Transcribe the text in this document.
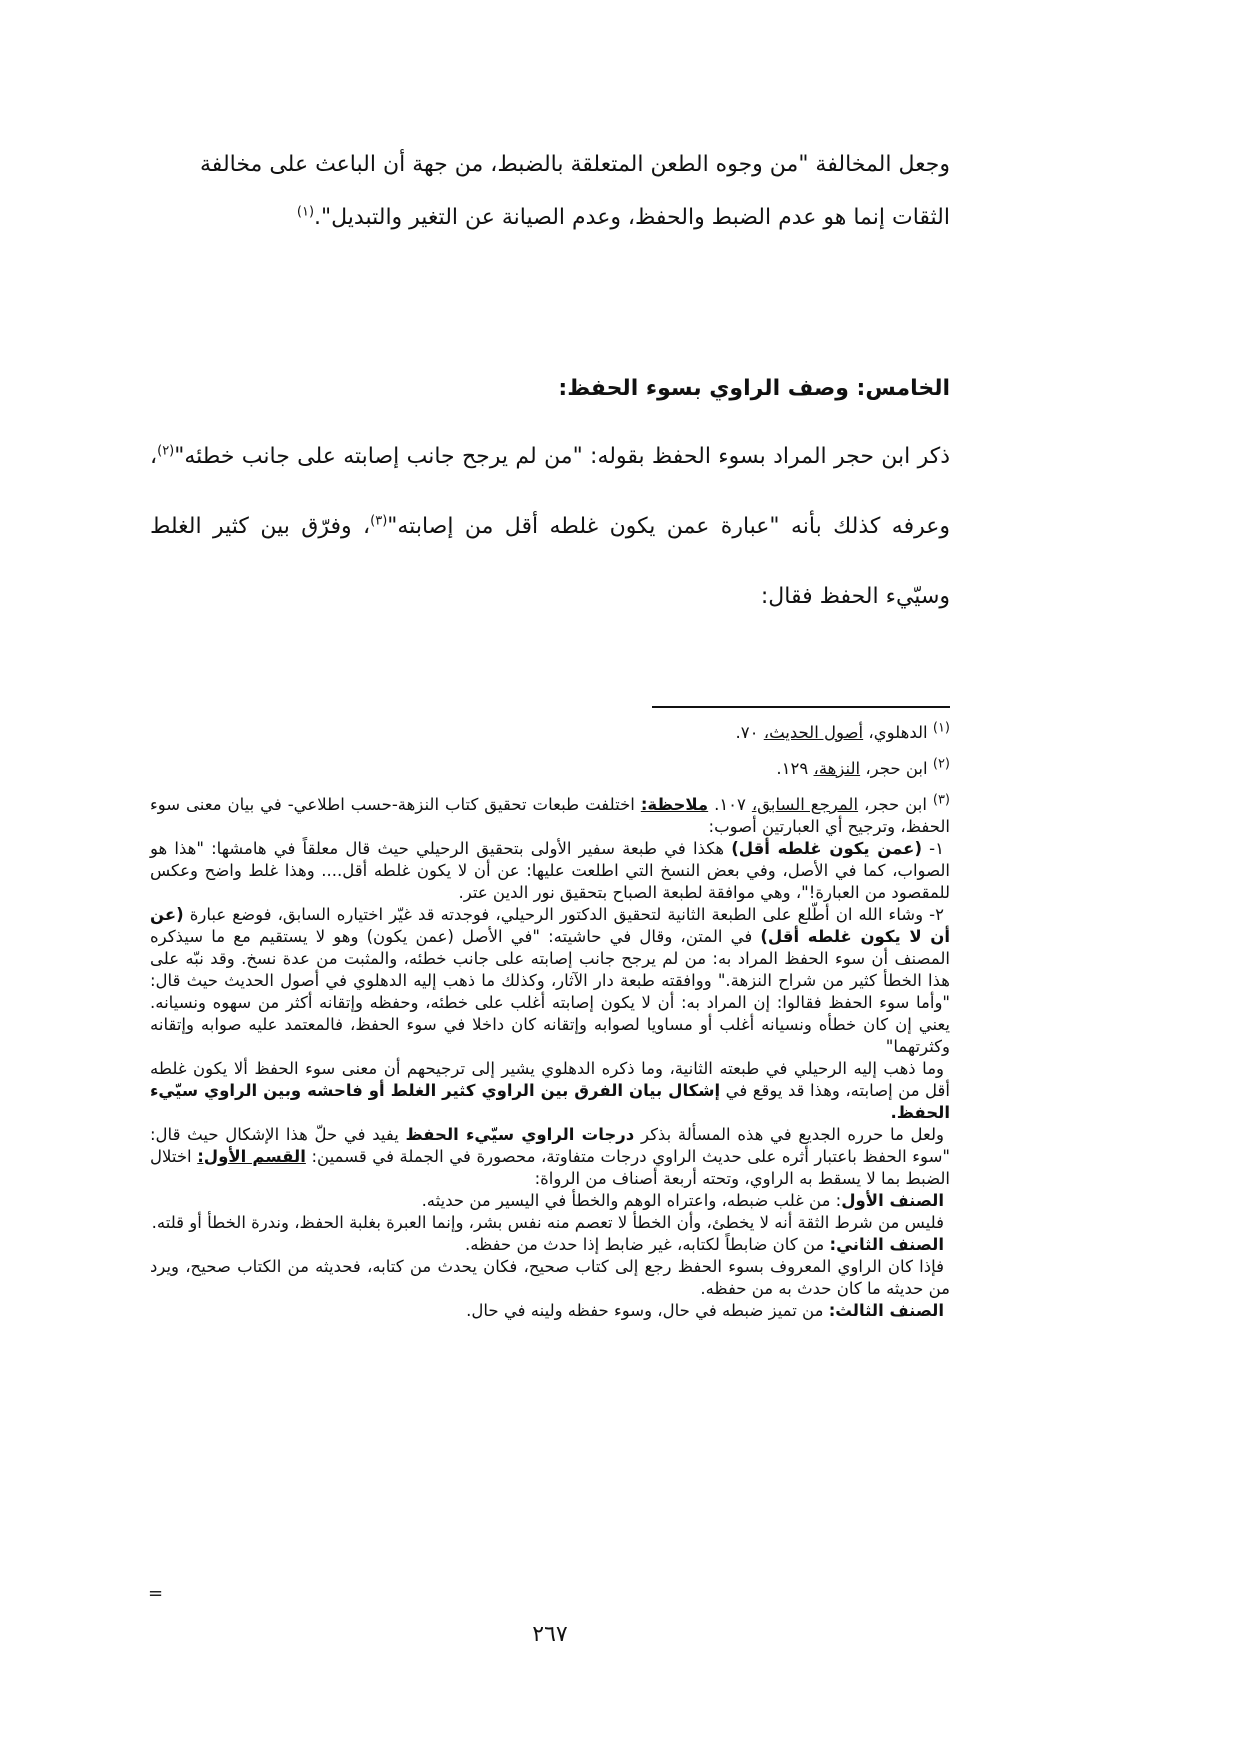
وجعل المخالفة "من وجوه الطعن المتعلقة بالضبط، من جهة أن الباعث على مخالفة
الثقات إنما هو عدم الضبط والحفظ، وعدم الصيانة عن التغير والتبديل".$^{(١)}$
الخامس: وصف الراوي بسوء الحفظ:
ذكر ابن حجر المراد بسوء الحفظ بقوله: "من لم يرجح جانب إصابته على جانب خطئه"$^{(٢)}$، وعرفه كذلك بأنه "عبارة عمن يكون غلطه أقل من إصابته"$^{(٣)}$، وفرّق بين كثير الغلط وسيّيء الحفظ فقال:

$^{(١)}$ الدهلوي، أصول الحديث، ٧٠.

$^{(٢)}$ ابن حجر، النزهة، ١٢٩.

$^{(٣)}$ ابن حجر، المرجع السابق، ١٠٧. ملاحظة: اختلفت طبعات تحقيق كتاب النزهة-حسب اطلاعي- في بيان معنى سوء الحفظ، وترجيح أي العبارتين أصوب:

١- (عمن يكون غلطه أقل) هكذا في طبعة سفير الأولى بتحقيق الرحيلي حيث قال معلقاً في هامشها: "هذا هو الصواب، كما في الأصل، وفي بعض النسخ التي اطلعت عليها: عن أن لا يكون غلطه أقل.... وهذا غلط واضح وعكس للمقصود من العبارة!"، وهي موافقة لطبعة الصباح بتحقيق نور الدين عتر.

٢- وشاء الله ان أطّلع على الطبعة الثانية لتحقيق الدكتور الرحيلي، فوجدته قد غيّر اختياره السابق، فوضع عبارة (عن أن لا يكون غلطه أقل) في المتن، وقال في حاشيته: "في الأصل (عمن يكون) وهو لا يستقيم مع ما سيذكره المصنف أن سوء الحفظ المراد به: من لم يرجح جانب إصابته على جانب خطئه، والمثبت من عدة نسخ. وقد نبّه على هذا الخطأ كثير من شراح النزهة." ووافقته طبعة دار الآثار، وكذلك ما ذهب إليه الدهلوي في أصول الحديث حيث قال: "وأما سوء الحفظ فقالوا: إن المراد به: أن لا يكون إصابته أغلب على خطئه، وحفظه وإتقانه أكثر من سهوه ونسيانه. يعني إن كان خطأه ونسيانه أغلب أو مساويا لصوابه وإتقانه كان داخلا في سوء الحفظ، فالمعتمد عليه صوابه وإتقانه وكثرتهما"

وما ذهب إليه الرحيلي في طبعته الثانية، وما ذكره الدهلوي يشير إلى ترجيحهم أن معنى سوء الحفظ ألا يكون غلطه أقل من إصابته، وهذا قد يوقع في إشكال بيان الفرق بين الراوي كثير الغلط أو فاحشه وبين الراوي سيّيء الحفظ.

ولعل ما حرره الجديع في هذه المسألة بذكر درجات الراوي سيّيء الحفظ يفيد في حلّ هذا الإشكال حيث قال: "سوء الحفظ باعتبار أثره على حديث الراوي درجات متفاوتة، محصورة في الجملة في قسمين: القسم الأول: اختلال الضبط بما لا يسقط به الراوي، وتحته أربعة أصناف من الرواة:

الصنف الأول: من غلب ضبطه، واعتراه الوهم والخطأ في اليسير من حديثه.

فليس من شرط الثقة أنه لا يخطئ، وأن الخطأ لا تعصم منه نفس بشر، وإنما العبرة بغلبة الحفظ، وندرة الخطأ أو قلته.

الصنف الثاني: من كان ضابطاً لكتابه، غير ضابط إذا حدث من حفظه.

فإذا كان الراوي المعروف بسوء الحفظ رجع إلى كتاب صحيح، فكان يحدث من كتابه، فحديثه من الكتاب صحيح، ويرد من حديثه ما كان حدث به من حفظه.

الصنف الثالث: من تميز ضبطه في حال، وسوء حفظه ولينه في حال.

=
٢٦٧
